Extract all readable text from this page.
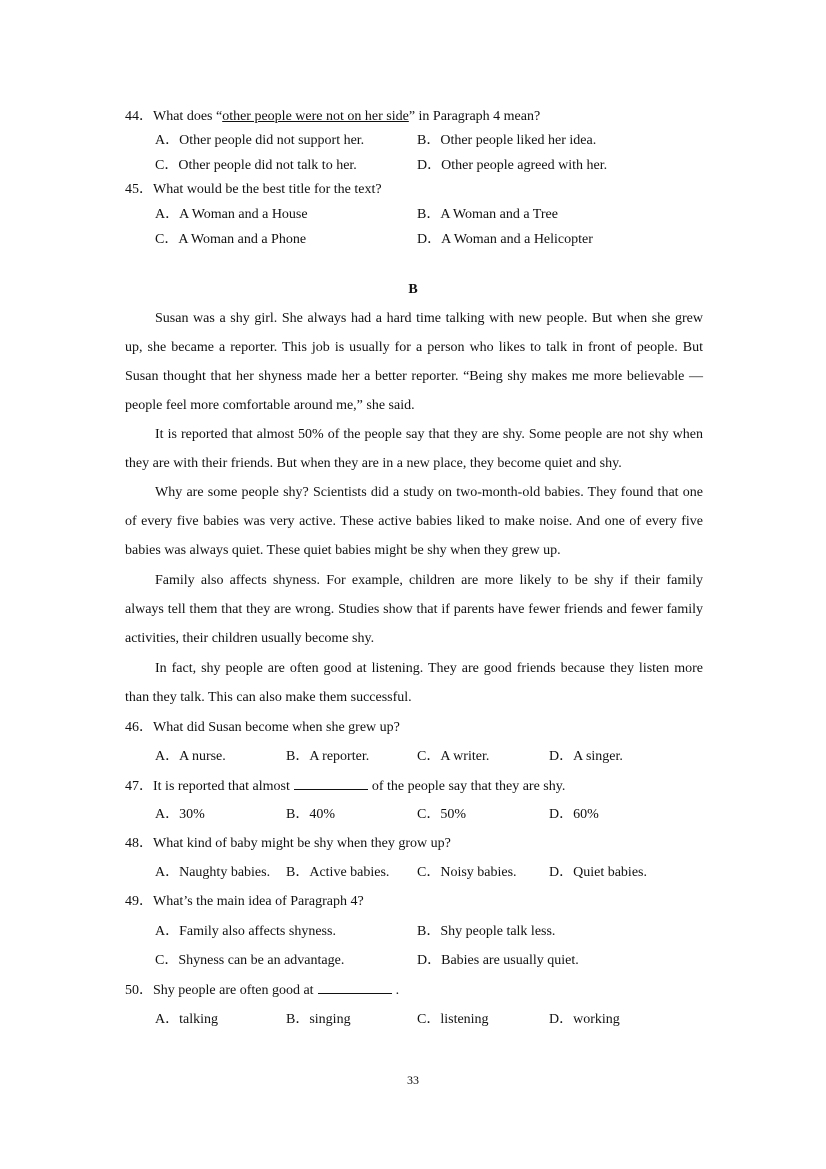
44．What does “other people were not on her side” in Paragraph 4 mean?
A．Other people did not support her.	B．Other people liked her idea.
C．Other people did not talk to her.	D．Other people agreed with her.
45．What would be the best title for the text?
A．A Woman and a House	B．A Woman and a Tree
C．A Woman and a Phone	D．A Woman and a Helicopter
B
Susan was a shy girl. She always had a hard time talking with new people. But when she grew up, she became a reporter. This job is usually for a person who likes to talk in front of people. But Susan thought that her shyness made her a better reporter. “Being shy makes me more believable — people feel more comfortable around me,” she said.
It is reported that almost 50% of the people say that they are shy. Some people are not shy when they are with their friends. But when they are in a new place, they become quiet and shy.
Why are some people shy? Scientists did a study on two-month-old babies. They found that one of every five babies was very active. These active babies liked to make noise. And one of every five babies was always quiet. These quiet babies might be shy when they grew up.
Family also affects shyness. For example, children are more likely to be shy if their family always tell them that they are wrong. Studies show that if parents have fewer friends and fewer family activities, their children usually become shy.
In fact, shy people are often good at listening. They are good friends because they listen more than they talk. This can also make them successful.
46．What did Susan become when she grew up?
A．A nurse.	B．A reporter.	C．A writer.	D．A singer.
47．It is reported that almost	of the people say that they are shy.
A．30%	B．40%	C．50%	D．60%
48．What kind of baby might be shy when they grow up?
A．Naughty babies. B．Active babies. C．Noisy babies. D．Quiet babies.
49．What’s the main idea of Paragraph 4?
A．Family also affects shyness.	B．Shy people talk less.
C．Shyness can be an advantage.	D．Babies are usually quiet.
50．Shy people are often good at	.
A．talking	B．singing	C．listening	D．working
33
